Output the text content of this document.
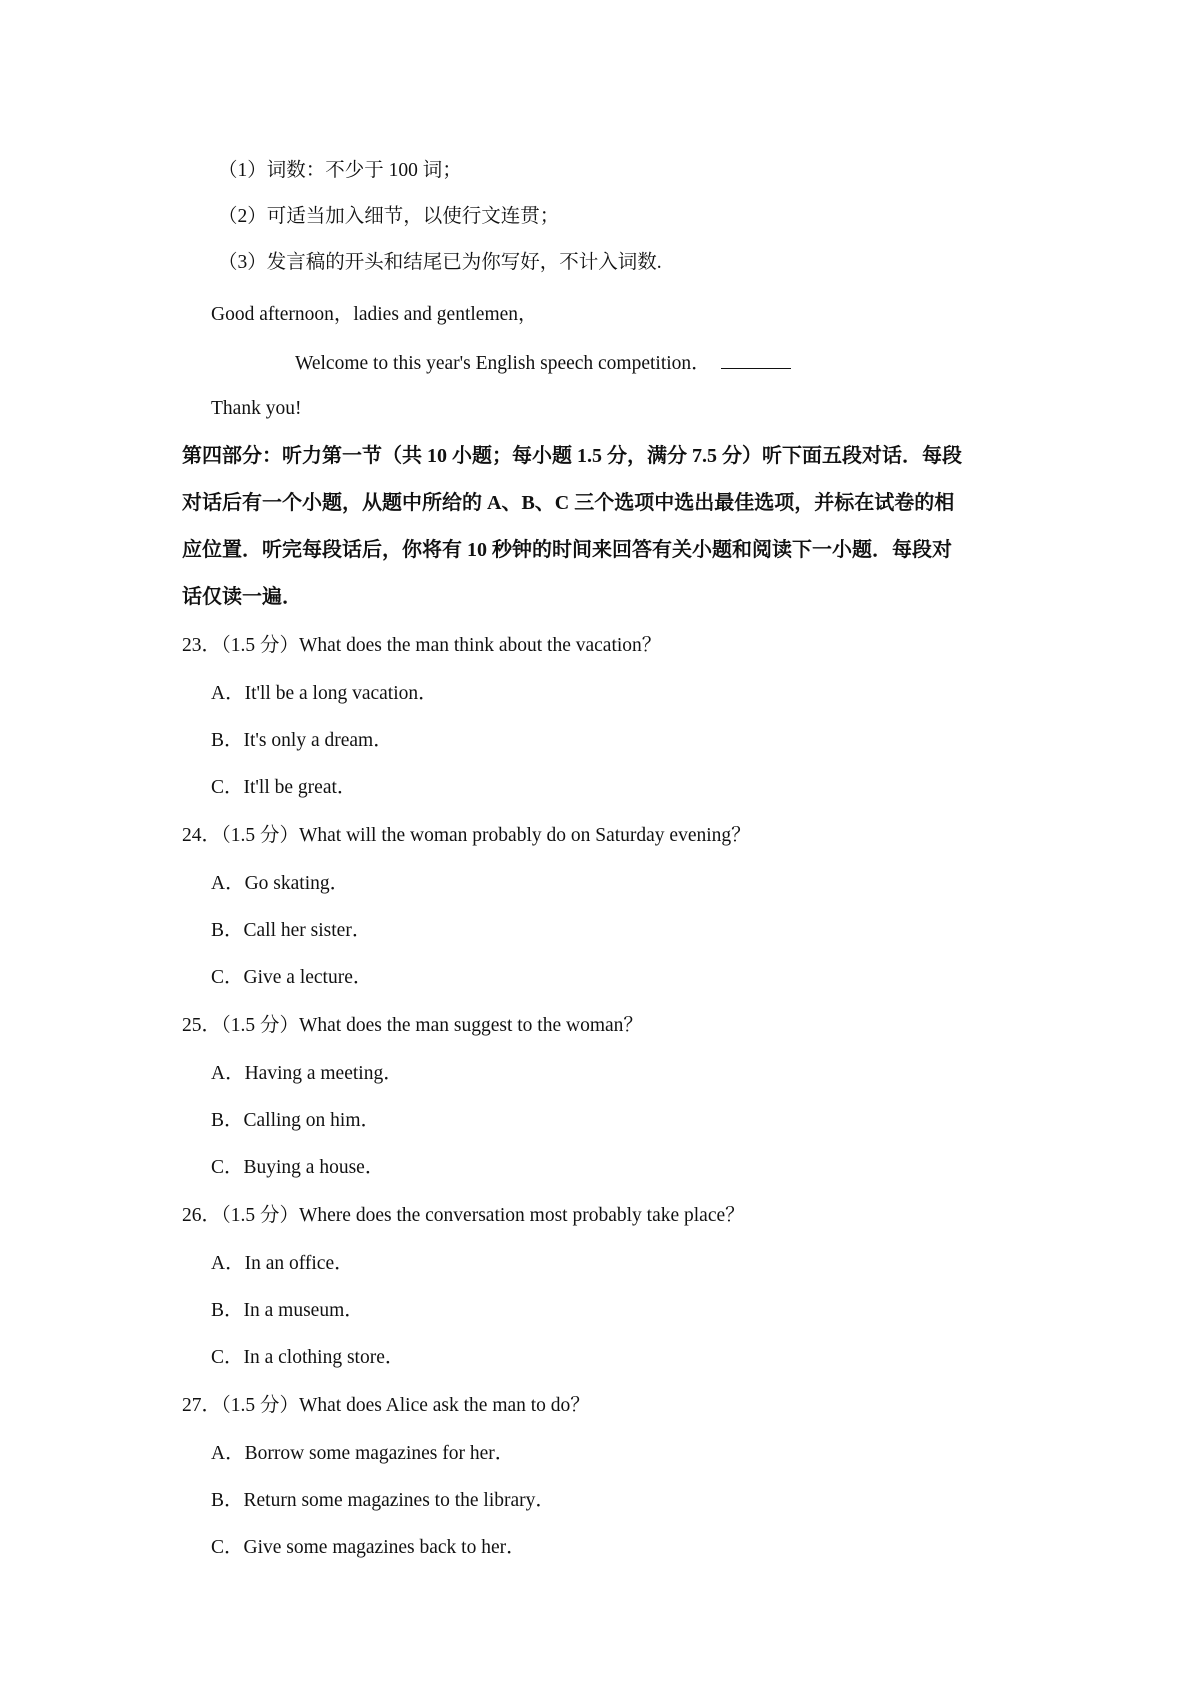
（1）词数：不少于 100 词；
（2）可适当加入细节，以使行文连贯；
（3）发言稿的开头和结尾已为你写好，不计入词数.
Good afternoon，ladies and gentlemen，
Welcome to this year's English speech competition．
Thank you!
第四部分：听力第一节（共 10 小题；每小题 1.5 分，满分 7.5 分）听下面五段对话．每段
对话后有一个小题，从题中所给的 A、B、C 三个选项中选出最佳选项，并标在试卷的相
应位置．听完每段话后，你将有 10 秒钟的时间来回答有关小题和阅读下一小题．每段对
话仅读一遍．
23．（1.5 分）What does the man think about the vacation？
A．It'll be a long vacation．
B．It's only a dream．
C．It'll be great．
24．（1.5 分）What will the woman probably do on Saturday evening？
A．Go skating．
B．Call her sister．
C．Give a lecture．
25．（1.5 分）What does the man suggest to the woman？
A．Having a meeting．
B．Calling on him．
C．Buying a house．
26．（1.5 分）Where does the conversation most probably take place？
A．In an office．
B．In a museum．
C．In a clothing store．
27．（1.5 分）What does Alice ask the man to do？
A．Borrow some magazines for her．
B．Return some magazines to the library．
C．Give some magazines back to her．
